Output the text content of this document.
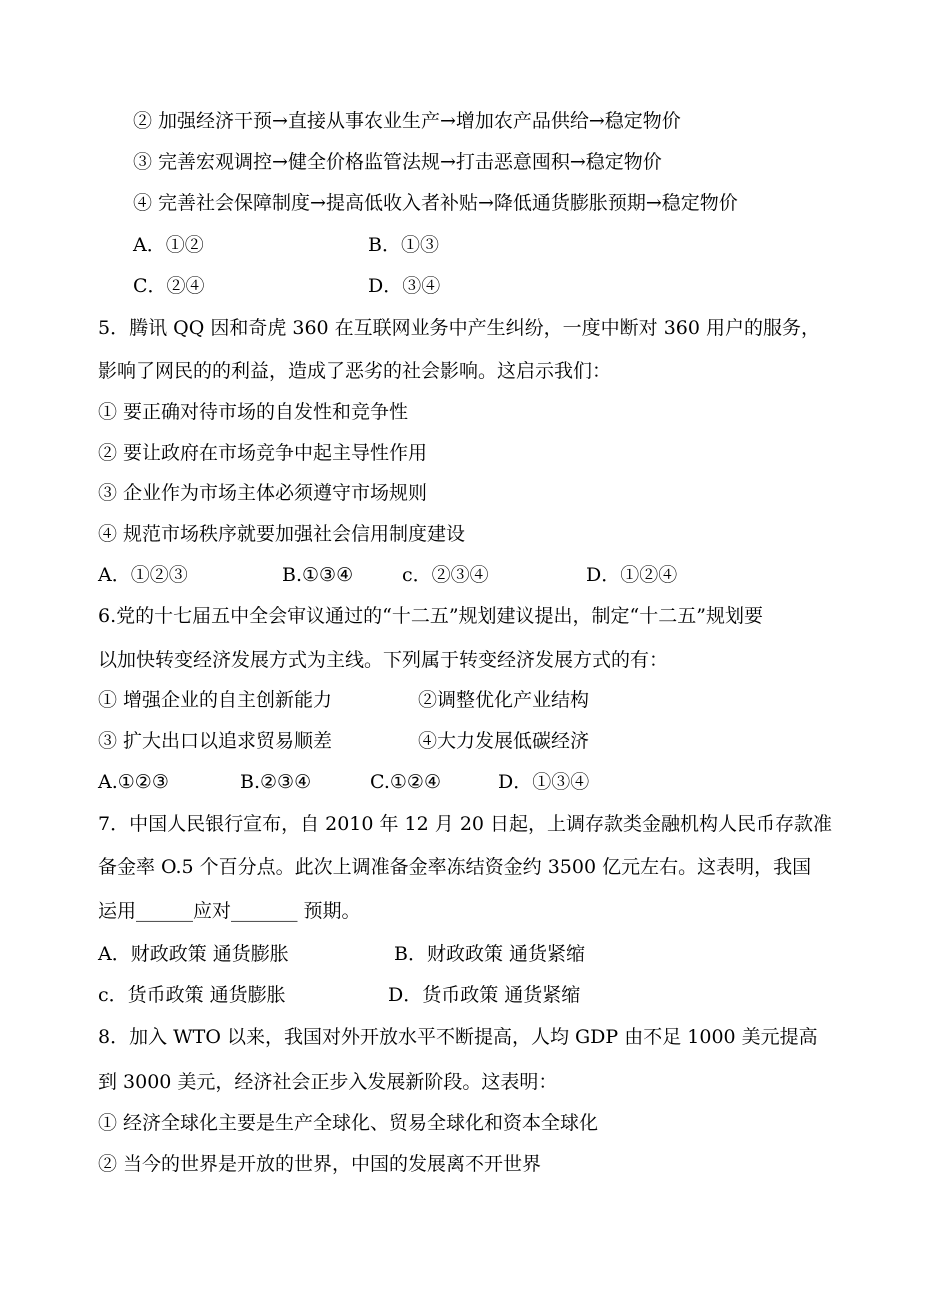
② 加强经济干预→直接从事农业生产→增加农产品供给→稳定物价
③ 完善宏观调控→健全价格监管法规→打击恶意囤积→稳定物价
④ 完善社会保障制度→提高低收入者补贴→降低通货膨胀预期→稳定物价
A．①②	B．①③
C．②④	D．③④
5．腾讯 QQ 因和奇虎 360 在互联网业务中产生纠纷，一度中断对 360 用户的服务，
影响了网民的的利益，造成了恶劣的社会影响。这启示我们：
① 要正确对待市场的自发性和竞争性
② 要让政府在市场竞争中起主导性作用
③ 企业作为市场主体必须遵守市场规则
④ 规范市场秩序就要加强社会信用制度建设
A．①②③	B.①③④	c．②③④	D．①②④
6.党的十七届五中全会审议通过的“十二五”规划建议提出，制定“十二五”规划要
以加快转变经济发展方式为主线。下列属于转变经济发展方式的有：
① 增强企业的自主创新能力	②调整优化产业结构
③ 扩大出口以追求贸易顺差	④大力发展低碳经济
A.①②③	B.②③④	C.①②④	D．①③④
7．中国人民银行宣布，自 2010 年 12 月 20 日起，上调存款类金融机构人民币存款准
备金率 O.5 个百分点。此次上调准备金率冻结资金约 3500 亿元左右。这表明，我国
运用______应对_______ 预期。
A．财政政策 通货膨胀	B．财政政策 通货紧缩
c．货币政策 通货膨胀	D．货币政策 通货紧缩
8．加入 WTO 以来，我国对外开放水平不断提高，人均 GDP 由不足 1000 美元提高
到 3000 美元，经济社会正步入发展新阶段。这表明：
① 经济全球化主要是生产全球化、贸易全球化和资本全球化
② 当今的世界是开放的世界，中国的发展离不开世界
